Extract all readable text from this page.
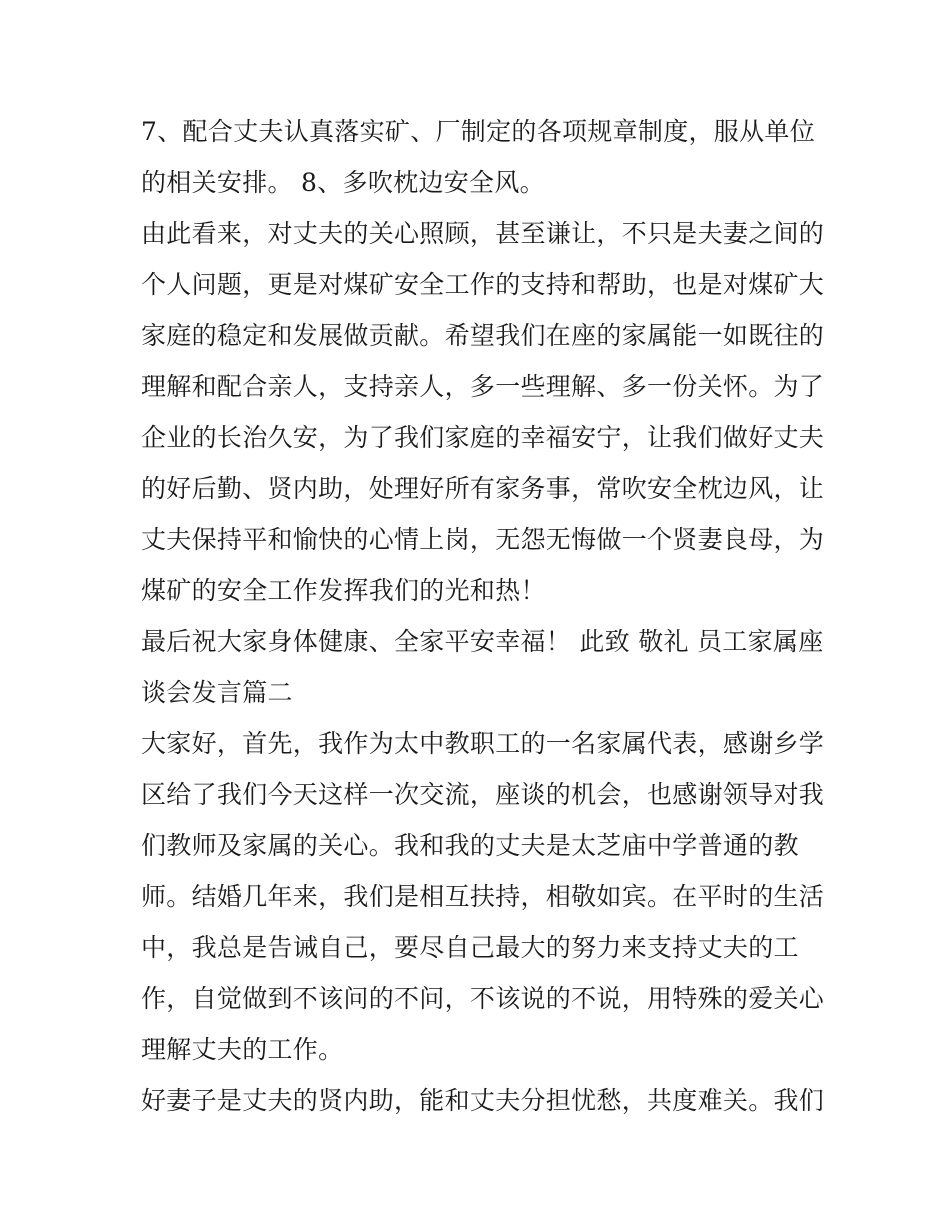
7、配合丈夫认真落实矿、厂制定的各项规章制度，服从单位
的相关安排。 8、多吹枕边安全风。
由此看来，对丈夫的关心照顾，甚至谦让，不只是夫妻之间的
个人问题，更是对煤矿安全工作的支持和帮助，也是对煤矿大
家庭的稳定和发展做贡献。希望我们在座的家属能一如既往的
理解和配合亲人，支持亲人，多一些理解、多一份关怀。为了
企业的长治久安，为了我们家庭的幸福安宁，让我们做好丈夫
的好后勤、贤内助，处理好所有家务事，常吹安全枕边风，让
丈夫保持平和愉快的心情上岗，无怨无悔做一个贤妻良母，为
煤矿的安全工作发挥我们的光和热！
最后祝大家身体健康、全家平安幸福！ 此致 敬礼 员工家属座
谈会发言篇二
大家好，首先，我作为太中教职工的一名家属代表，感谢乡学
区给了我们今天这样一次交流，座谈的机会，也感谢领导对我
们教师及家属的关心。我和我的丈夫是太芝庙中学普通的教
师。结婚几年来，我们是相互扶持，相敬如宾。在平时的生活
中，我总是告诫自己，要尽自己最大的努力来支持丈夫的工
作，自觉做到不该问的不问，不该说的不说，用特殊的爱关心
理解丈夫的工作。
好妻子是丈夫的贤内助，能和丈夫分担忧愁，共度难关。我们
